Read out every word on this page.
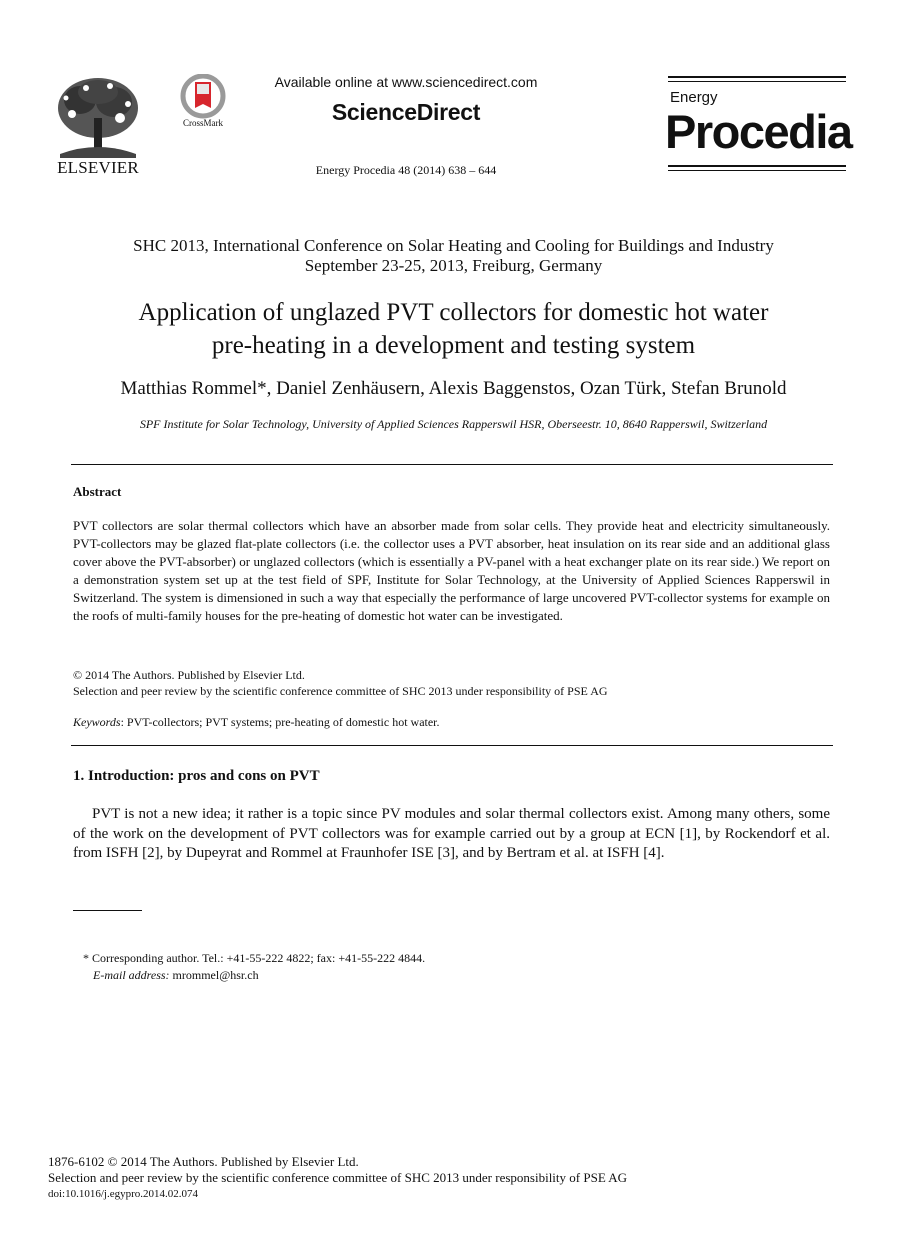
ELSEVIER
CrossMark
Available online at www.sciencedirect.com
ScienceDirect
Energy Procedia 48 (2014) 638 – 644
Energy
Procedia
SHC 2013, International Conference on Solar Heating and Cooling for Buildings and Industry
September 23-25, 2013, Freiburg, Germany
Application of unglazed PVT collectors for domestic hot water
pre-heating in a development and testing system
Matthias Rommel*, Daniel Zenhäusern, Alexis Baggenstos, Ozan Türk, Stefan Brunold
SPF Institute for Solar Technology, University of Applied Sciences Rapperswil HSR, Oberseestr. 10, 8640 Rapperswil, Switzerland
Abstract
PVT collectors are solar thermal collectors which have an absorber made from solar cells. They provide heat and electricity simultaneously. PVT-collectors may be glazed flat-plate collectors (i.e. the collector uses a PVT absorber, heat insulation on its rear side and an additional glass cover above the PVT-absorber) or unglazed collectors (which is essentially a PV-panel with a heat exchanger plate on its rear side.) We report on a demonstration system set up at the test field of SPF, Institute for Solar Technology, at the University of Applied Sciences Rapperswil in Switzerland. The system is dimensioned in such a way that especially the performance of large uncovered PVT-collector systems for example on the roofs of multi-family houses for the pre-heating of domestic hot water can be investigated.
© 2014 The Authors. Published by Elsevier Ltd.
Selection and peer review by the scientific conference committee of SHC 2013 under responsibility of PSE AG
Keywords: PVT-collectors; PVT systems; pre-heating of domestic hot water.
1. Introduction: pros and cons on PVT
PVT is not a new idea; it rather is a topic since PV modules and solar thermal collectors exist. Among many others, some of the work on the development of PVT collectors was for example carried out by a group at ECN [1], by Rockendorf et al. from ISFH [2], by Dupeyrat and Rommel at Fraunhofer ISE [3], and by Bertram et al. at ISFH [4].
* Corresponding author. Tel.: +41-55-222 4822; fax: +41-55-222 4844.
E-mail address: mrommel@hsr.ch
1876-6102 © 2014 The Authors. Published by Elsevier Ltd.
Selection and peer review by the scientific conference committee of SHC 2013 under responsibility of PSE AG
doi:10.1016/j.egypro.2014.02.074
